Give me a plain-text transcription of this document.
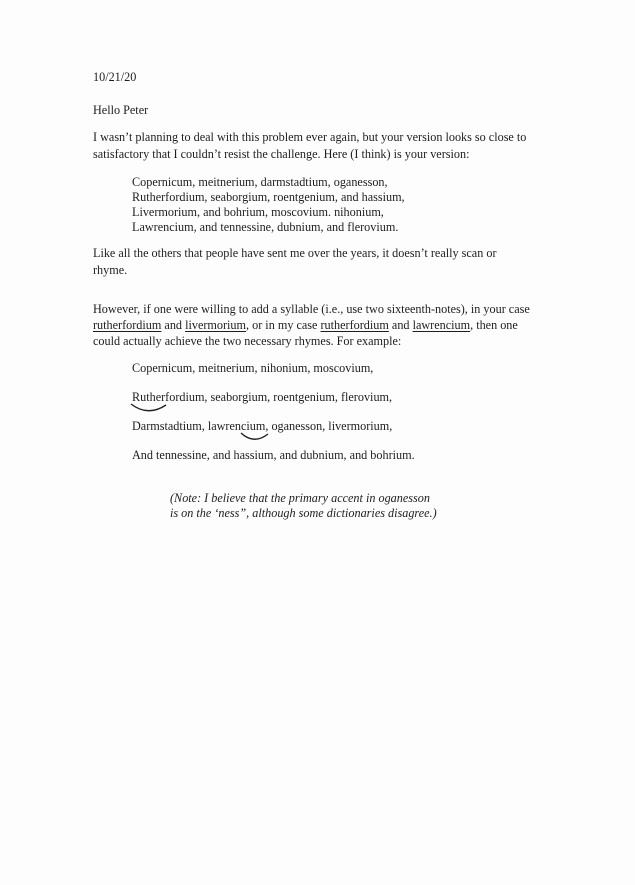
10/21/20
Hello Peter
I wasn’t planning to deal with this problem ever again, but your version looks so close to satisfactory that I couldn’t resist the challenge. Here (I think) is your version:
Copernicum, meitnerium, darmstadtium, oganesson,
Rutherfordium, seaborgium, roentgenium, and hassium,
Livermorium, and bohrium, moscovium. nihonium,
Lawrencium, and tennessine, dubnium, and flerovium.
Like all the others that people have sent me over the years, it doesn’t really scan or rhyme.
However, if one were willing to add a syllable (i.e., use two sixteenth-notes), in your case
rutherfordium and livermorium, or in my case rutherfordium and lawrencium, then one
could actually achieve the two necessary rhymes. For example:
Copernicum, meitnerium, nihonium, moscovium,
Rutherfordium, seaborgium, roentgenium, flerovium,
Darmstadtium, lawrencium, oganesson, livermorium,
And tennessine, and hassium, and dubnium, and bohrium.
(Note: I believe that the primary accent in oganesson
is on the ‘ness”, although some dictionaries disagree.)
